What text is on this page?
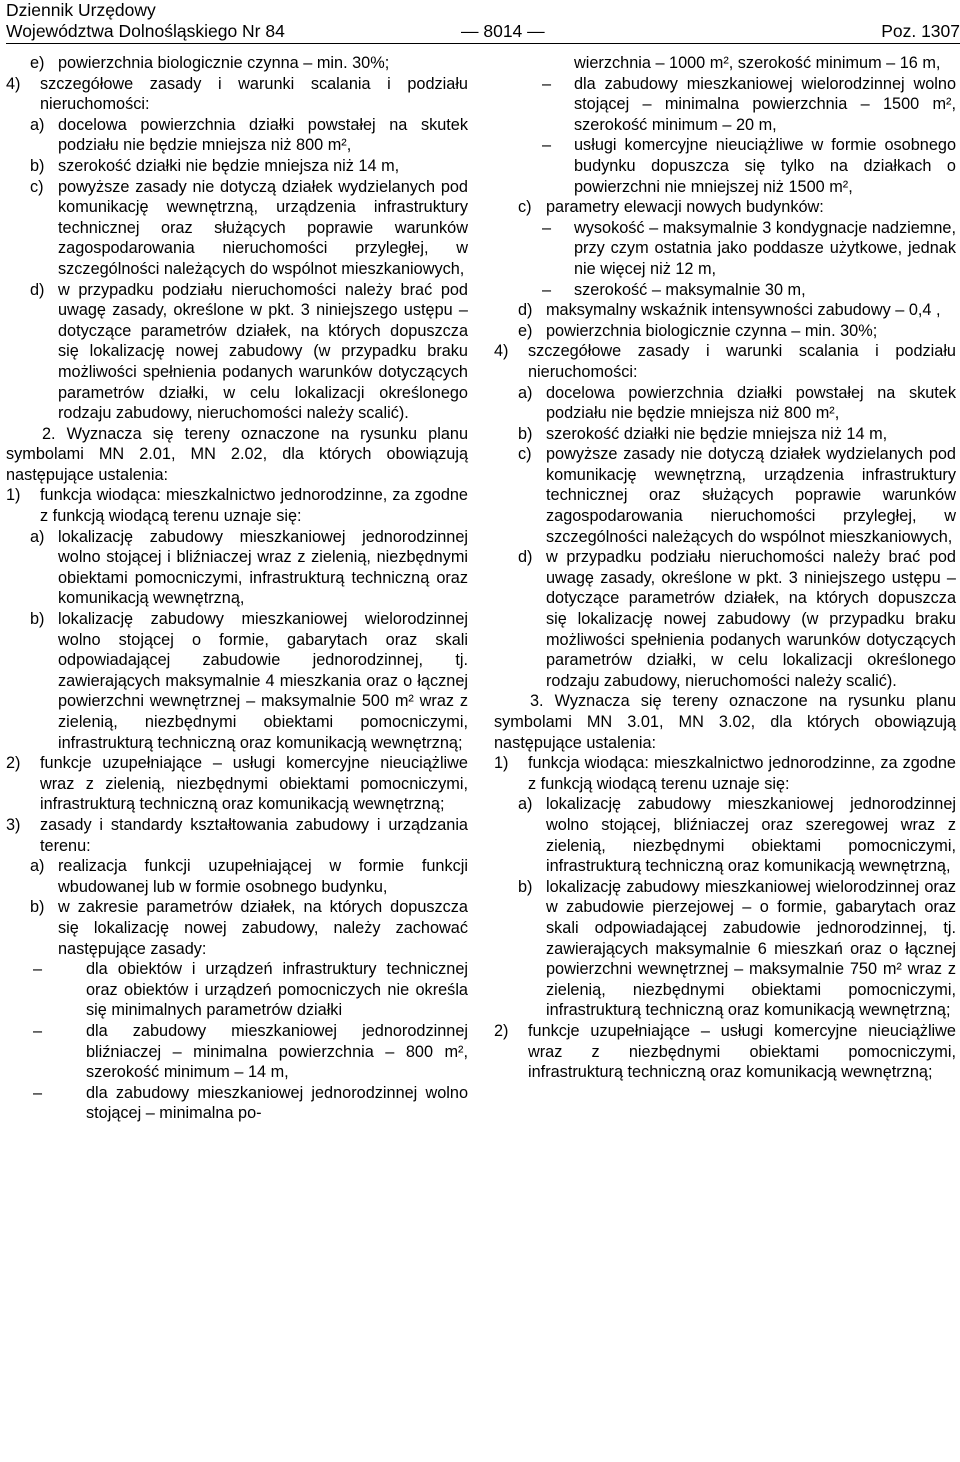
Dziennik Urzędowy
Województwa Dolnośląskiego Nr 84	— 8014 —	Poz. 1307
e) powierzchnia biologicznie czynna – min. 30%;
4) szczegółowe zasady i warunki scalania i podziału nieruchomości:
a) docelowa powierzchnia działki powstałej na skutek podziału nie będzie mniejsza niż 800 m²,
b) szerokość działki nie będzie mniejsza niż 14 m,
c) powyższe zasady nie dotyczą działek wydzielanych pod komunikację wewnętrzną, urządzenia infrastruktury technicznej oraz służących poprawie warunków zagospodarowania nieruchomości przyległej, w szczególności należących do wspólnot mieszkaniowych,
d) w przypadku podziału nieruchomości należy brać pod uwagę zasady, określone w pkt. 3 niniejszego ustępu – dotyczące parametrów działek, na których dopuszcza się lokalizację nowej zabudowy (w przypadku braku możliwości spełnienia podanych warunków dotyczących parametrów działki, w celu lokalizacji określonego rodzaju zabudowy, nieruchomości należy scalić).
2. Wyznacza się tereny oznaczone na rysunku planu symbolami MN 2.01, MN 2.02, dla których obowiązują następujące ustalenia:
1) funkcja wiodąca: mieszkalnictwo jednorodzinne, za zgodne z funkcją wiodącą terenu uznaje się:
a) lokalizację zabudowy mieszkaniowej jednorodzinnej wolno stojącej i bliźniaczej wraz z zielenią, niezbędnymi obiektami pomocniczymi, infrastrukturą techniczną oraz komunikacją wewnętrzną,
b) lokalizację zabudowy mieszkaniowej wielorodzinnej wolno stojącej o formie, gabarytach oraz skali odpowiadającej zabudowie jednorodzinnej, tj. zawierających maksymalnie 4 mieszkania oraz o łącznej powierzchni wewnętrznej – maksymalnie 500 m² wraz z zielenią, niezbędnymi obiektami pomocniczymi, infrastrukturą techniczną oraz komunikacją wewnętrzną;
2) funkcje uzupełniające – usługi komercyjne nieuciążliwe wraz z zielenią, niezbędnymi obiektami pomocniczymi, infrastrukturą techniczną oraz komunikacją wewnętrzną;
3) zasady i standardy kształtowania zabudowy i urządzania terenu:
a) realizacja funkcji uzupełniającej w formie funkcji wbudowanej lub w formie osobnego budynku,
b) w zakresie parametrów działek, na których dopuszcza się lokalizację nowej zabudowy, należy zachować następujące zasady:
–	dla obiektów i urządzeń infrastruktury technicznej oraz obiektów i urządzeń pomocniczych nie określa się minimalnych parametrów działki
–	dla zabudowy mieszkaniowej jednorodzinnej bliźniaczej – minimalna powierzchnia – 800 m², szerokość minimum – 14 m,
–	dla zabudowy mieszkaniowej jednorodzinnej wolno stojącej – minimalna po-
wierzchnia – 1000 m², szerokość minimum – 16 m,
– dla zabudowy mieszkaniowej wielorodzinnej wolno stojącej – minimalna powierzchnia – 1500 m², szerokość minimum – 20 m,
– usługi komercyjne nieuciążliwe w formie osobnego budynku dopuszcza się tylko na działkach o powierzchni nie mniejszej niż 1500 m²,
c) parametry elewacji nowych budynków:
– wysokość – maksymalnie 3 kondygnacje nadziemne, przy czym ostatnia jako poddasze użytkowe, jednak nie więcej niż 12 m,
– szerokość – maksymalnie 30 m,
d) maksymalny wskaźnik intensywności zabudowy – 0,4 ,
e) powierzchnia biologicznie czynna – min. 30%;
4) szczegółowe zasady i warunki scalania i podziału nieruchomości:
a) docelowa powierzchnia działki powstałej na skutek podziału nie będzie mniejsza niż 800 m²,
b) szerokość działki nie będzie mniejsza niż 14 m,
c) powyższe zasady nie dotyczą działek wydzielanych pod komunikację wewnętrzną, urządzenia infrastruktury technicznej oraz służących poprawie warunków zagospodarowania nieruchomości przyległej, w szczególności należących do wspólnot mieszkaniowych,
d) w przypadku podziału nieruchomości należy brać pod uwagę zasady, określone w pkt. 3 niniejszego ustępu – dotyczące parametrów działek, na których dopuszcza się lokalizację nowej zabudowy (w przypadku braku możliwości spełnienia podanych warunków dotyczących parametrów działki, w celu lokalizacji określonego rodzaju zabudowy, nieruchomości należy scalić).
3. Wyznacza się tereny oznaczone na rysunku planu symbolami MN 3.01, MN 3.02, dla których obowiązują następujące ustalenia:
1) funkcja wiodąca: mieszkalnictwo jednorodzinne, za zgodne z funkcją wiodącą terenu uznaje się:
a) lokalizację zabudowy mieszkaniowej jednorodzinnej wolno stojącej, bliźniaczej oraz szeregowej wraz z zielenią, niezbędnymi obiektami pomocniczymi, infrastrukturą techniczną oraz komunikacją wewnętrzną,
b) lokalizację zabudowy mieszkaniowej wielorodzinnej oraz w zabudowie pierzejowej – o formie, gabarytach oraz skali odpowiadającej zabudowie jednorodzinnej, tj. zawierających maksymalnie 6 mieszkań oraz o łącznej powierzchni wewnętrznej – maksymalnie 750 m² wraz z zielenią, niezbędnymi obiektami pomocniczymi, infrastrukturą techniczną oraz komunikacją wewnętrzną;
2) funkcje uzupełniające – usługi komercyjne nieuciążliwe wraz z niezbędnymi obiektami pomocniczymi, infrastrukturą techniczną oraz komunikacją wewnętrzną;
